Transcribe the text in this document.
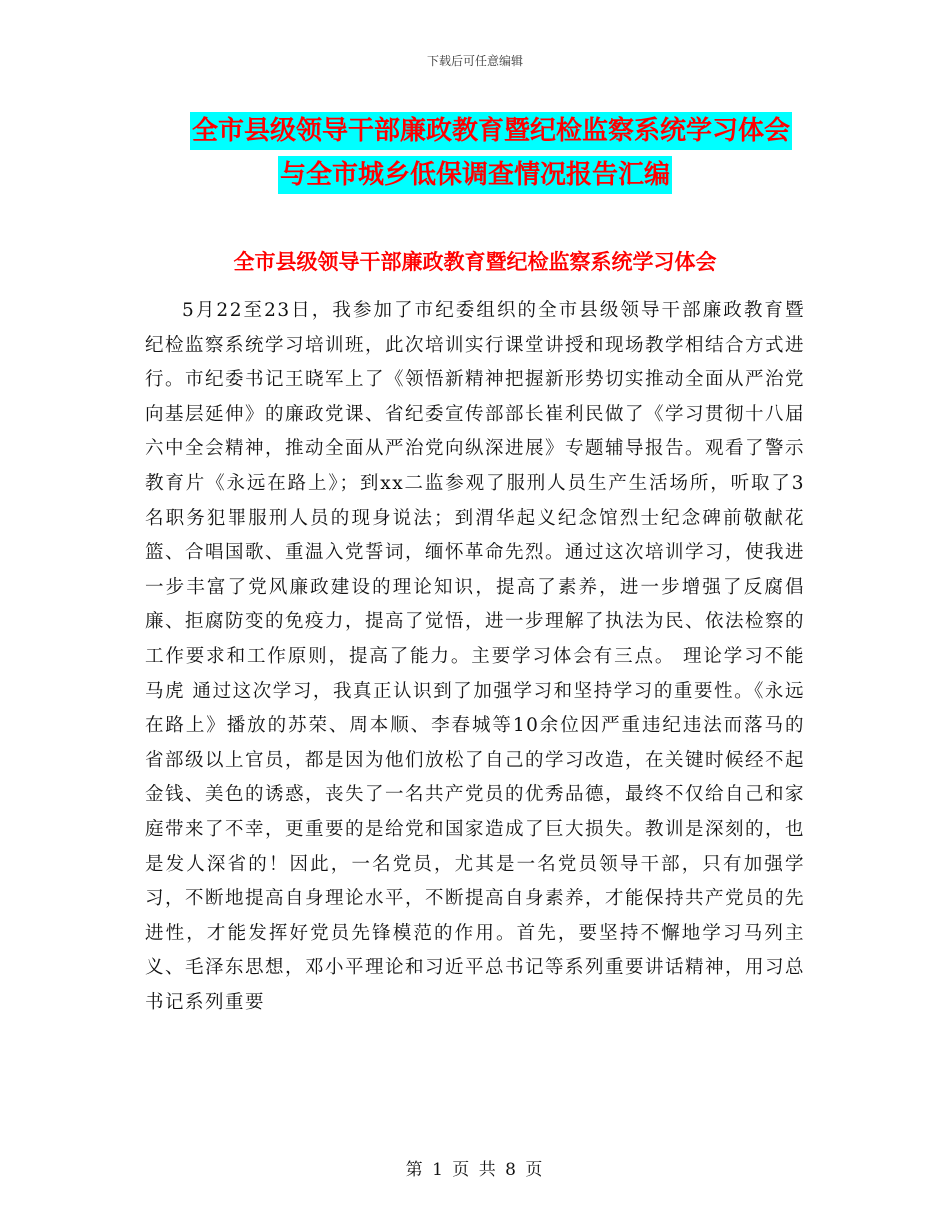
下载后可任意编辑
全市县级领导干部廉政教育暨纪检监察系统学习体会
与全市城乡低保调查情况报告汇编
全市县级领导干部廉政教育暨纪检监察系统学习体会

5月22至23日，我参加了市纪委组织的全市县级领导干部廉政教育暨纪检监察系统学习培训班，此次培训实行课堂讲授和现场教学相结合方式进行。市纪委书记王晓军上了《领悟新精神把握新形势切实推动全面从严治党向基层延伸》的廉政党课、省纪委宣传部部长崔利民做了《学习贯彻十八届六中全会精神，推动全面从严治党向纵深进展》专题辅导报告。观看了警示教育片《永远在路上》；到xx二监参观了服刑人员生产生活场所，听取了3名职务犯罪服刑人员的现身说法；到渭华起义纪念馆烈士纪念碑前敬献花篮、合唱国歌、重温入党誓词，缅怀革命先烈。通过这次培训学习，使我进一步丰富了党风廉政建设的理论知识，提高了素养，进一步增强了反腐倡廉、拒腐防变的免疫力，提高了觉悟，进一步理解了执法为民、依法检察的工作要求和工作原则，提高了能力。主要学习体会有三点。 理论学习不能马虎 通过这次学习，我真正认识到了加强学习和坚持学习的重要性。《永远在路上》播放的苏荣、周本顺、李春城等10余位因严重违纪违法而落马的省部级以上官员，都是因为他们放松了自己的学习改造，在关键时候经不起金钱、美色的诱惑，丧失了一名共产党员的优秀品德，最终不仅给自己和家庭带来了不幸，更重要的是给党和国家造成了巨大损失。教训是深刻的，也是发人深省的！因此，一名党员，尤其是一名党员领导干部，只有加强学习，不断地提高自身理论水平，不断提高自身素养，才能保持共产党员的先进性，才能发挥好党员先锋模范的作用。首先，要坚持不懈地学习马列主义、毛泽东思想，邓小平理论和习近平总书记等系列重要讲话精神，用习总书记系列重要

第 1 页 共 8 页
